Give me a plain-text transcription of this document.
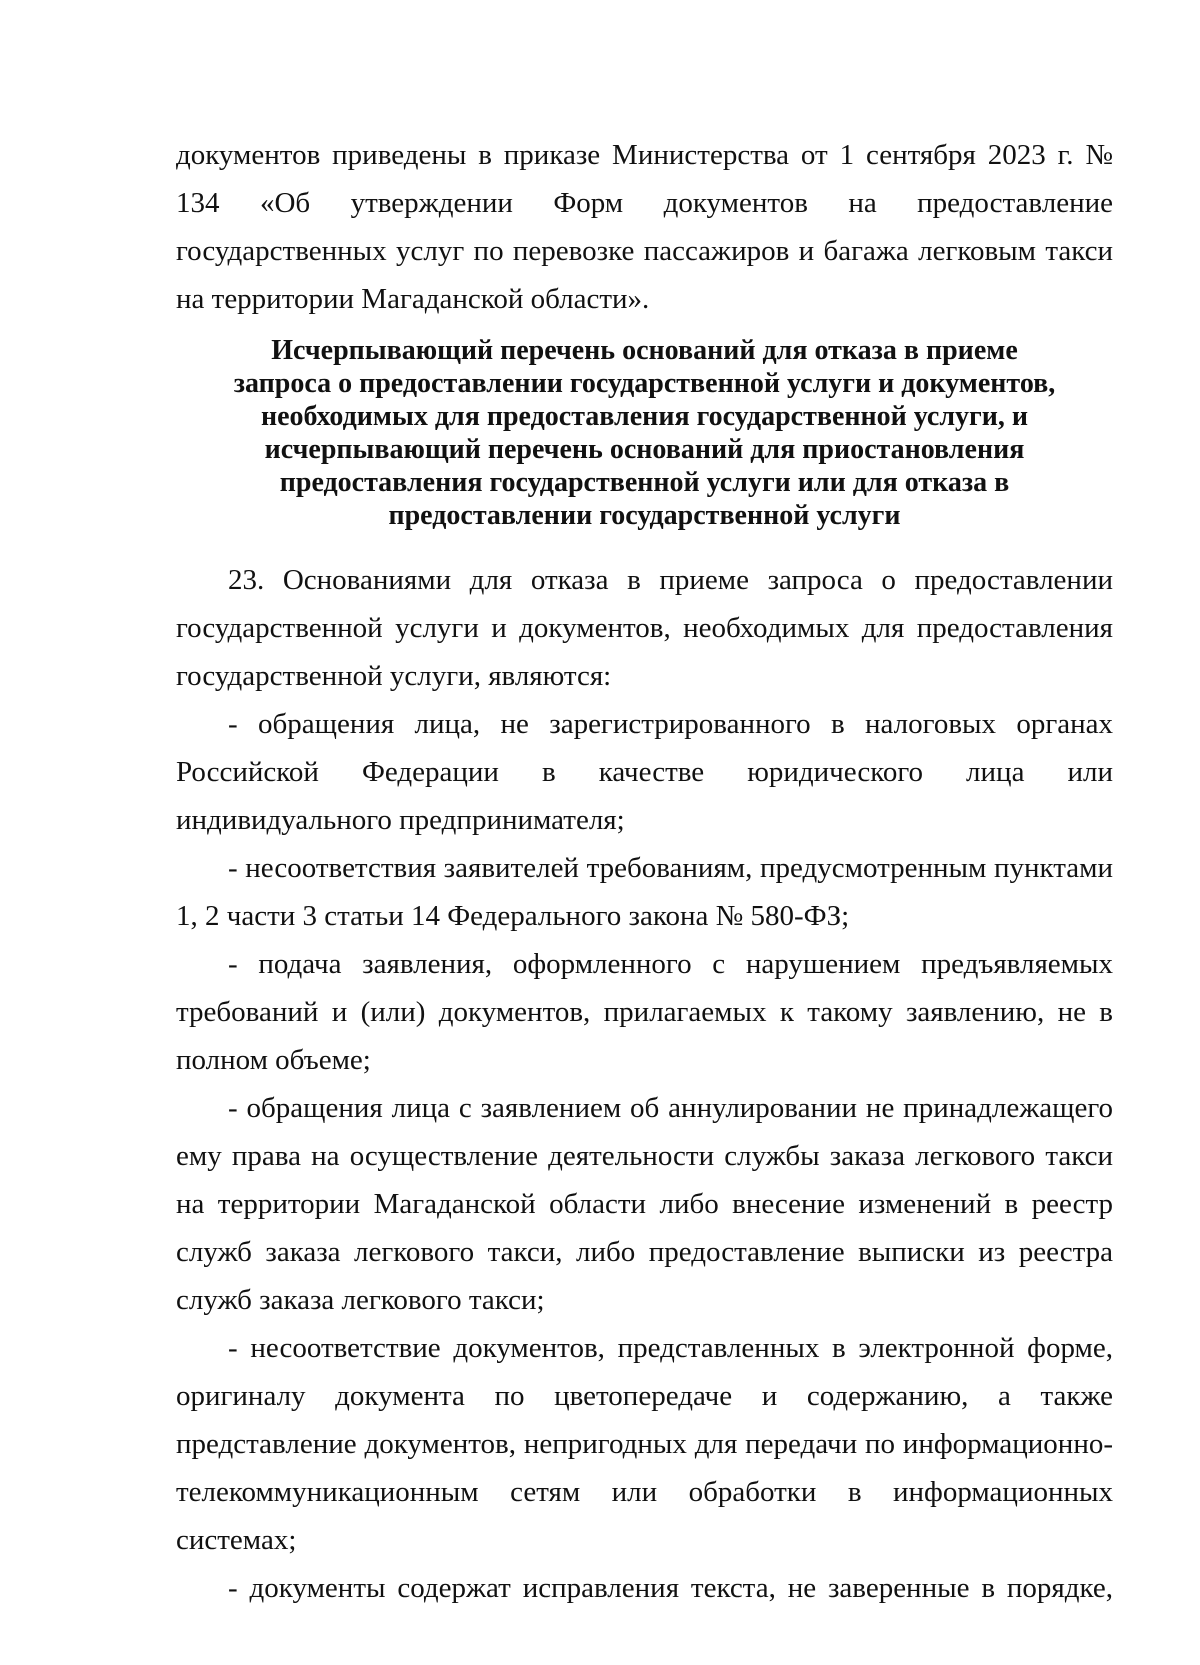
документов приведены в приказе Министерства от 1 сентября 2023 г. № 134 «Об утверждении Форм документов на предоставление государственных услуг по перевозке пассажиров и багажа легковым такси на территории Магаданской области».

Исчерпывающий перечень оснований для отказа в приеме
запроса о предоставлении государственной услуги и документов,
необходимых для предоставления государственной услуги, и
исчерпывающий перечень оснований для приостановления
предоставления государственной услуги или для отказа в
предоставлении государственной услуги

23. Основаниями для отказа в приеме запроса о предоставлении государственной услуги и документов, необходимых для предоставления государственной услуги, являются:

- обращения лица, не зарегистрированного в налоговых органах Российской Федерации в качестве юридического лица или индивидуального предпринимателя;

- несоответствия заявителей требованиям, предусмотренным пунктами 1, 2 части 3 статьи 14 Федерального закона № 580-ФЗ;

- подача заявления, оформленного с нарушением предъявляемых требований и (или) документов, прилагаемых к такому заявлению, не в полном объеме;

- обращения лица с заявлением об аннулировании не принадлежащего ему права на осуществление деятельности службы заказа легкового такси на территории Магаданской области либо внесение изменений в реестр служб заказа легкового такси, либо предоставление выписки из реестра служб заказа легкового такси;

- несоответствие документов, представленных в электронной форме, оригиналу документа по цветопередаче и содержанию, а также представление документов, непригодных для передачи по информационно-телекоммуникационным сетям или обработки в информационных системах;

- документы содержат исправления текста, не заверенные в порядке,
